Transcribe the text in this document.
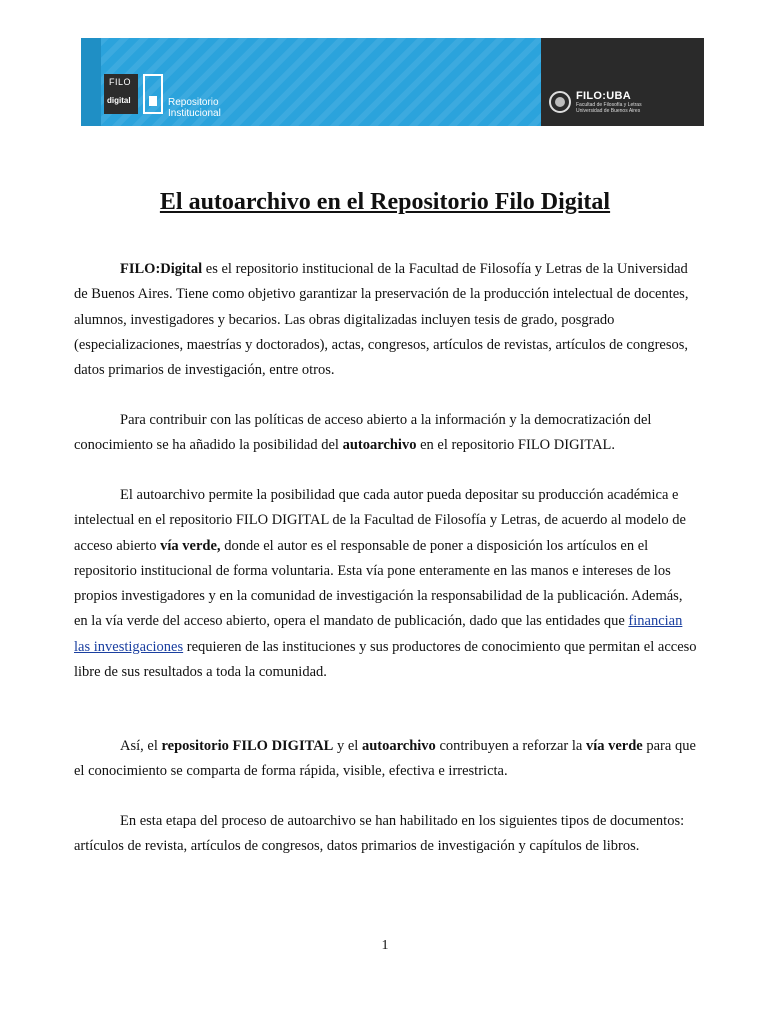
FILO
digital	Repositorio
Institucional
FILO:UBA
Facultad de Filosofía y Letras
Universidad de Buenos Aires
El autoarchivo en el Repositorio Filo Digital

FILO:Digital es el repositorio institucional de la Facultad de Filosofía y Letras de la Universidad de Buenos Aires. Tiene como objetivo garantizar la preservación de la producción intelectual de docentes, alumnos, investigadores y becarios. Las obras digitalizadas incluyen tesis de grado, posgrado (especializaciones, maestrías y doctorados), actas, congresos, artículos de revistas, artículos de congresos, datos primarios de investigación, entre otros.

Para contribuir con las políticas de acceso abierto a la información y la democratización del conocimiento se ha añadido la posibilidad del autoarchivo en el repositorio FILO DIGITAL.

El autoarchivo permite la posibilidad que cada autor pueda depositar su producción académica e intelectual en el repositorio FILO DIGITAL de la Facultad de Filosofía y Letras, de acuerdo al modelo de acceso abierto vía verde, donde el autor es el responsable de poner a disposición los artículos en el repositorio institucional de forma voluntaria. Esta vía pone enteramente en las manos e intereses de los propios investigadores y en la comunidad de investigación la responsabilidad de la publicación. Además, en la vía verde del acceso abierto, opera el mandato de publicación, dado que las entidades que financian las investigaciones requieren de las instituciones y sus productores de conocimiento que permitan el acceso libre de sus resultados a toda la comunidad.

Así, el repositorio FILO DIGITAL y el autoarchivo contribuyen a reforzar la vía verde para que el conocimiento se comparta de forma rápida, visible, efectiva e irrestricta.

En esta etapa del proceso de autoarchivo se han habilitado en los siguientes tipos de documentos: artículos de revista, artículos de congresos, datos primarios de investigación y capítulos de libros.

1
